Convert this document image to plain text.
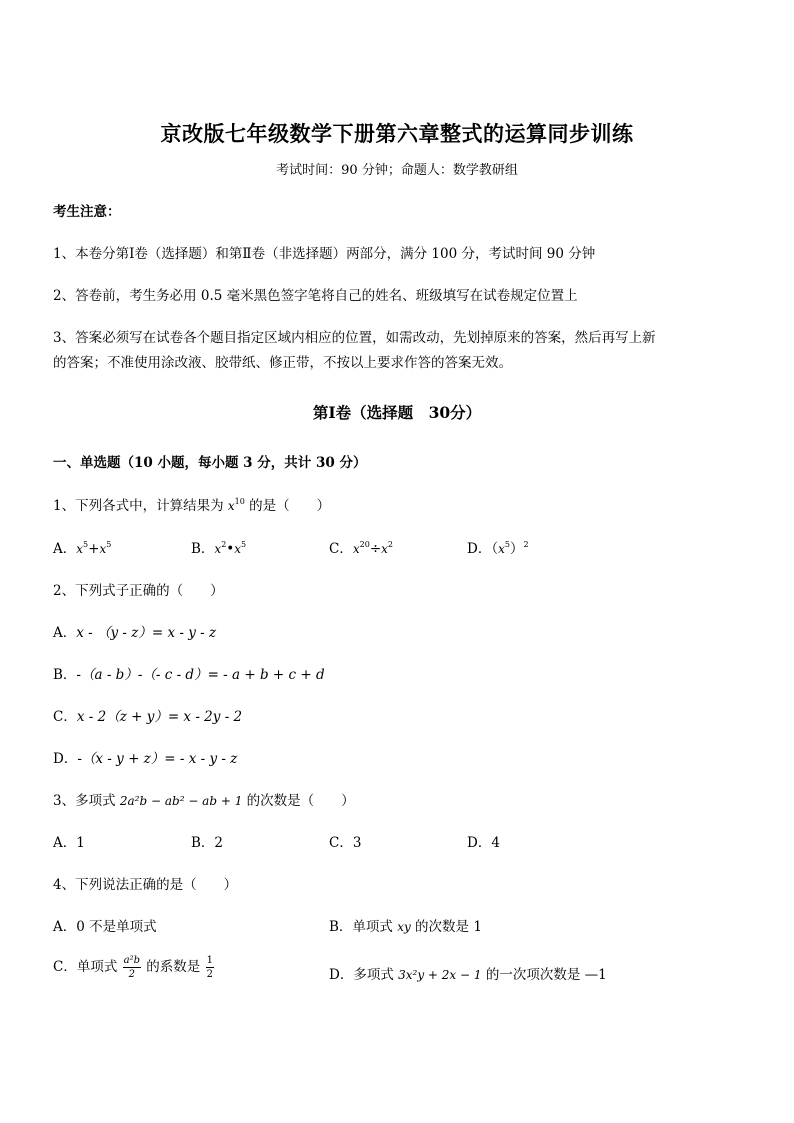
京改版七年级数学下册第六章整式的运算同步训练
考试时间：90 分钟；命题人：数学教研组
考生注意：
1、本卷分第Ⅰ卷（选择题）和第Ⅱ卷（非选择题）两部分，满分 100 分，考试时间 90 分钟
2、答卷前，考生务必用 0.5 毫米黑色签字笔将自己的姓名、班级填写在试卷规定位置上
3、答案必须写在试卷各个题目指定区域内相应的位置，如需改动，先划掉原来的答案，然后再写上新
的答案；不准使用涂改液、胶带纸、修正带，不按以上要求作答的答案无效。
第Ⅰ卷（选择题　30分）
一、单选题（10 小题，每小题 3 分，共计 30 分）
1、下列各式中，计算结果为 $x^{10}$ 的是（　　）
A．$x^5+x^5$	B．$x^2•x^5$	C．$x^{20}\div x^2$	D．$(x^5)^2$
2、下列式子正确的（　　）
A．x - （y - z）= x - y - z
B．-（a - b）-（- c - d）= - a + b + c + d
C．x - 2（z + y）= x - 2y - 2
D．-（x - y + z）= - x - y - z
3、多项式 2a²b − ab² − ab + 1 的次数是（　　）
A．1	B．2	C．3	D．4
4、下列说法正确的是（　　）
A．0 不是单项式	B．单项式 xy 的次数是 1
C．单项式 $\frac{\text{a²b}}{2}$ 的系数是 $\frac{1}{2}$	D．多项式 3x²y + 2x − 1 的一次项次数是 —1
